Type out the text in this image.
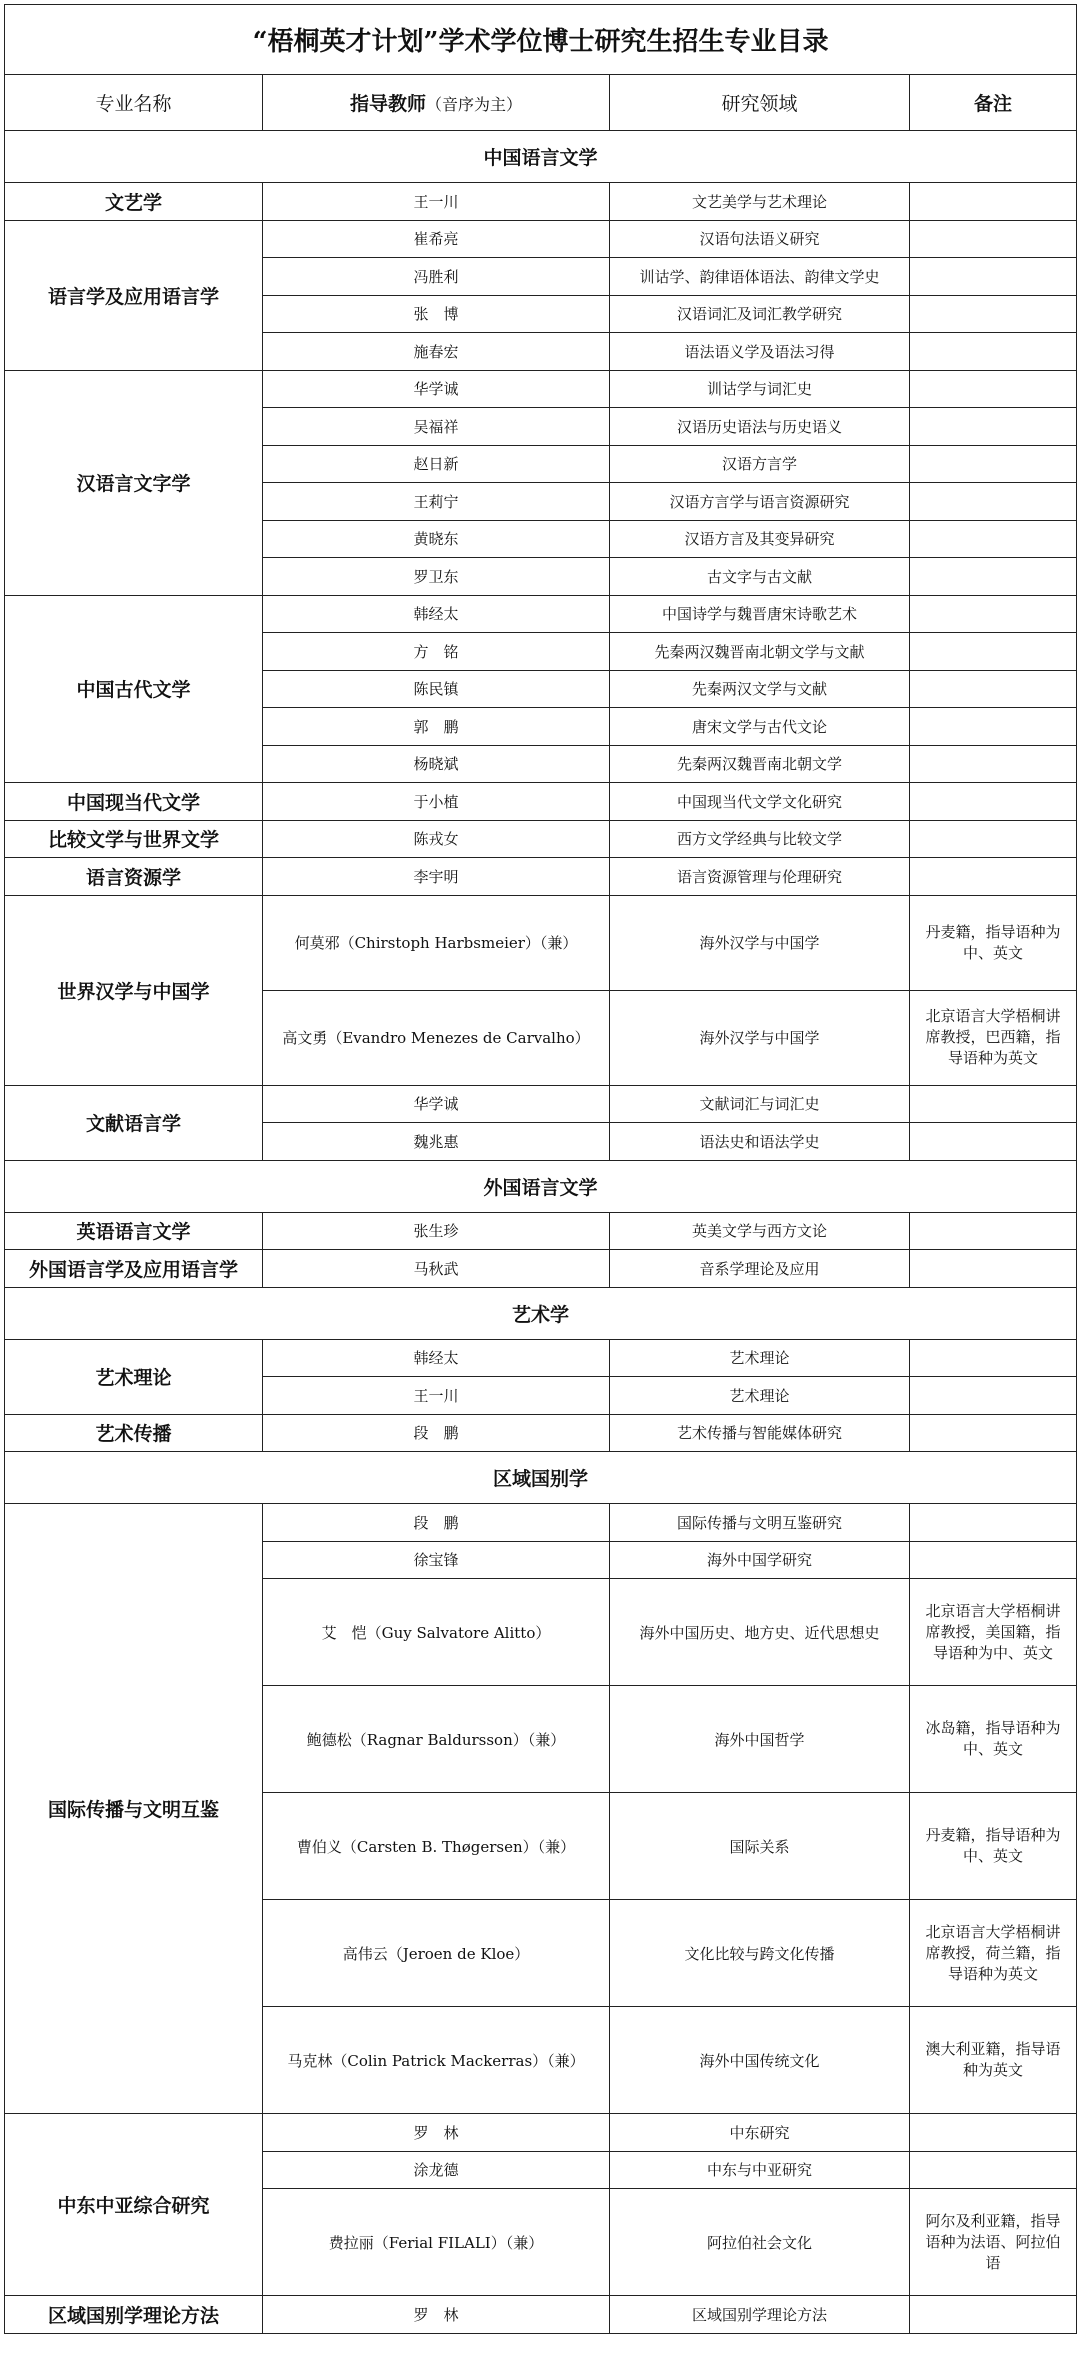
“梧桐英才计划”学术学位博士研究生招生专业目录			
专业名称	指导教师（音序为主）	研究领域	备注
中国语言文学			
文艺学	王一川	文艺美学与艺术理论	
语言学及应用语言学	崔希亮	汉语句法语义研究	
	冯胜利	训诂学、韵律语体语法、韵律文学史	
	张　博	汉语词汇及词汇教学研究	
	施春宏	语法语义学及语法习得	
汉语言文字学	华学诚	训诂学与词汇史	
	吴福祥	汉语历史语法与历史语义	
	赵日新	汉语方言学	
	王莉宁	汉语方言学与语言资源研究	
	黄晓东	汉语方言及其变异研究	
	罗卫东	古文字与古文献	
中国古代文学	韩经太	中国诗学与魏晋唐宋诗歌艺术	
	方　铭	先秦两汉魏晋南北朝文学与文献	
	陈民镇	先秦两汉文学与文献	
	郭　鹏	唐宋文学与古代文论	
	杨晓斌	先秦两汉魏晋南北朝文学	
中国现当代文学	于小植	中国现当代文学文化研究	
比较文学与世界文学	陈戎女	西方文学经典与比较文学	
语言资源学	李宇明	语言资源管理与伦理研究	
世界汉学与中国学	何莫邪（Chirstoph Harbsmeier）（兼）	海外汉学与中国学	丹麦籍，指导语种为中、英文
	高文勇（Evandro Menezes de Carvalho）	海外汉学与中国学	北京语言大学梧桐讲席教授，巴西籍，指导语种为英文
文献语言学	华学诚	文献词汇与词汇史	
	魏兆惠	语法史和语法学史	
外国语言文学			
英语语言文学	张生珍	英美文学与西方文论	
外国语言学及应用语言学	马秋武	音系学理论及应用	
艺术学			
艺术理论	韩经太	艺术理论	
	王一川	艺术理论	
艺术传播	段　鹏	艺术传播与智能媒体研究	
区域国别学			
国际传播与文明互鉴	段　鹏	国际传播与文明互鉴研究	
	徐宝锋	海外中国学研究	
	艾　恺（Guy Salvatore Alitto）	海外中国历史、地方史、近代思想史	北京语言大学梧桐讲席教授，美国籍，指导语种为中、英文
	鲍德松（Ragnar Baldursson）（兼）	海外中国哲学	冰岛籍，指导语种为中、英文
	曹伯义（Carsten B. Thøgersen）（兼）	国际关系	丹麦籍，指导语种为中、英文
	高伟云（Jeroen de Kloe）	文化比较与跨文化传播	北京语言大学梧桐讲席教授，荷兰籍，指导语种为英文
	马克林（Colin Patrick Mackerras）（兼）	海外中国传统文化	澳大利亚籍，指导语种为英文
中东中亚综合研究	罗　林	中东研究	
	涂龙德	中东与中亚研究	
	费拉丽（Ferial FILALI）（兼）	阿拉伯社会文化	阿尔及利亚籍，指导语种为法语、阿拉伯语
区域国别学理论方法	罗　林	区域国别学理论方法	
